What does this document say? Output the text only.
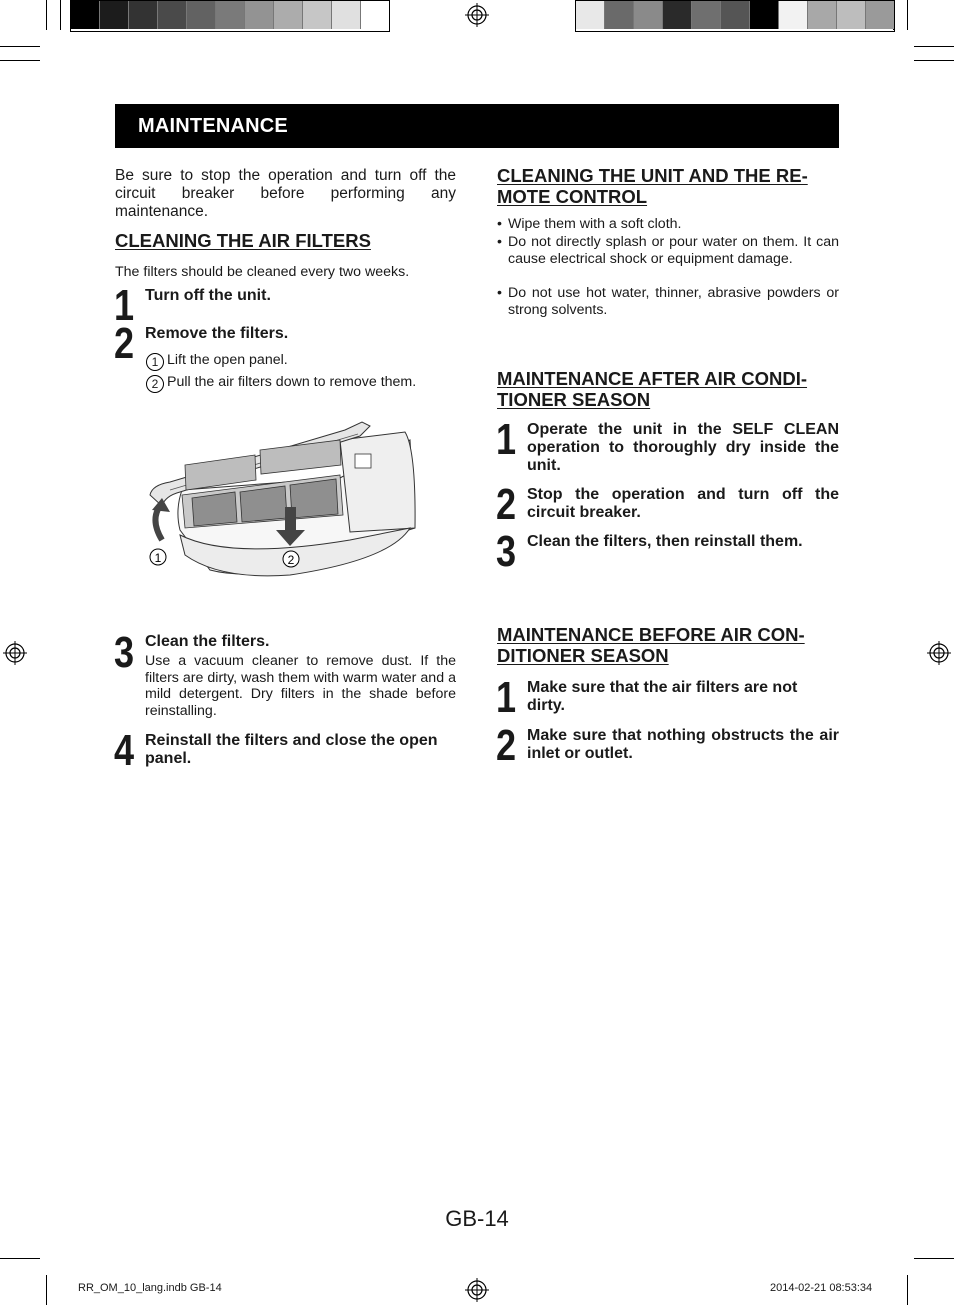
MAINTENANCE
Be sure to stop the operation and turn off the circuit breaker before performing any maintenance.
CLEANING THE AIR FILTERS
The filters should be cleaned every two weeks.
1 Turn off the unit.
2 Remove the filters.
1 Lift the open panel.
2 Pull the air filters down to remove them.
1	2
3 Clean the filters.
Use a vacuum cleaner to remove dust. If the filters are dirty, wash them with warm water and a mild detergent. Dry filters in the shade before reinstalling.
4 Reinstall the filters and close the open panel.
CLEANING THE UNIT AND THE RE-
MOTE CONTROL
• Wipe them with a soft cloth.
• Do not directly splash or pour water on them. It can cause electrical shock or equipment damage.
• Do not use hot water, thinner, abrasive powders or strong solvents.
MAINTENANCE AFTER AIR CONDI-
TIONER SEASON
1 Operate the unit in the SELF CLEAN operation to thoroughly dry inside the unit.
2 Stop the operation and turn off the circuit breaker.
3 Clean the filters, then reinstall them.
MAINTENANCE BEFORE AIR CON-
DITIONER SEASON
1 Make sure that the air filters are not dirty.
2 Make sure that nothing obstructs the air inlet or outlet.
GB-14
RR_OM_10_lang.indb GB-14	2014-02-21 08:53:34
